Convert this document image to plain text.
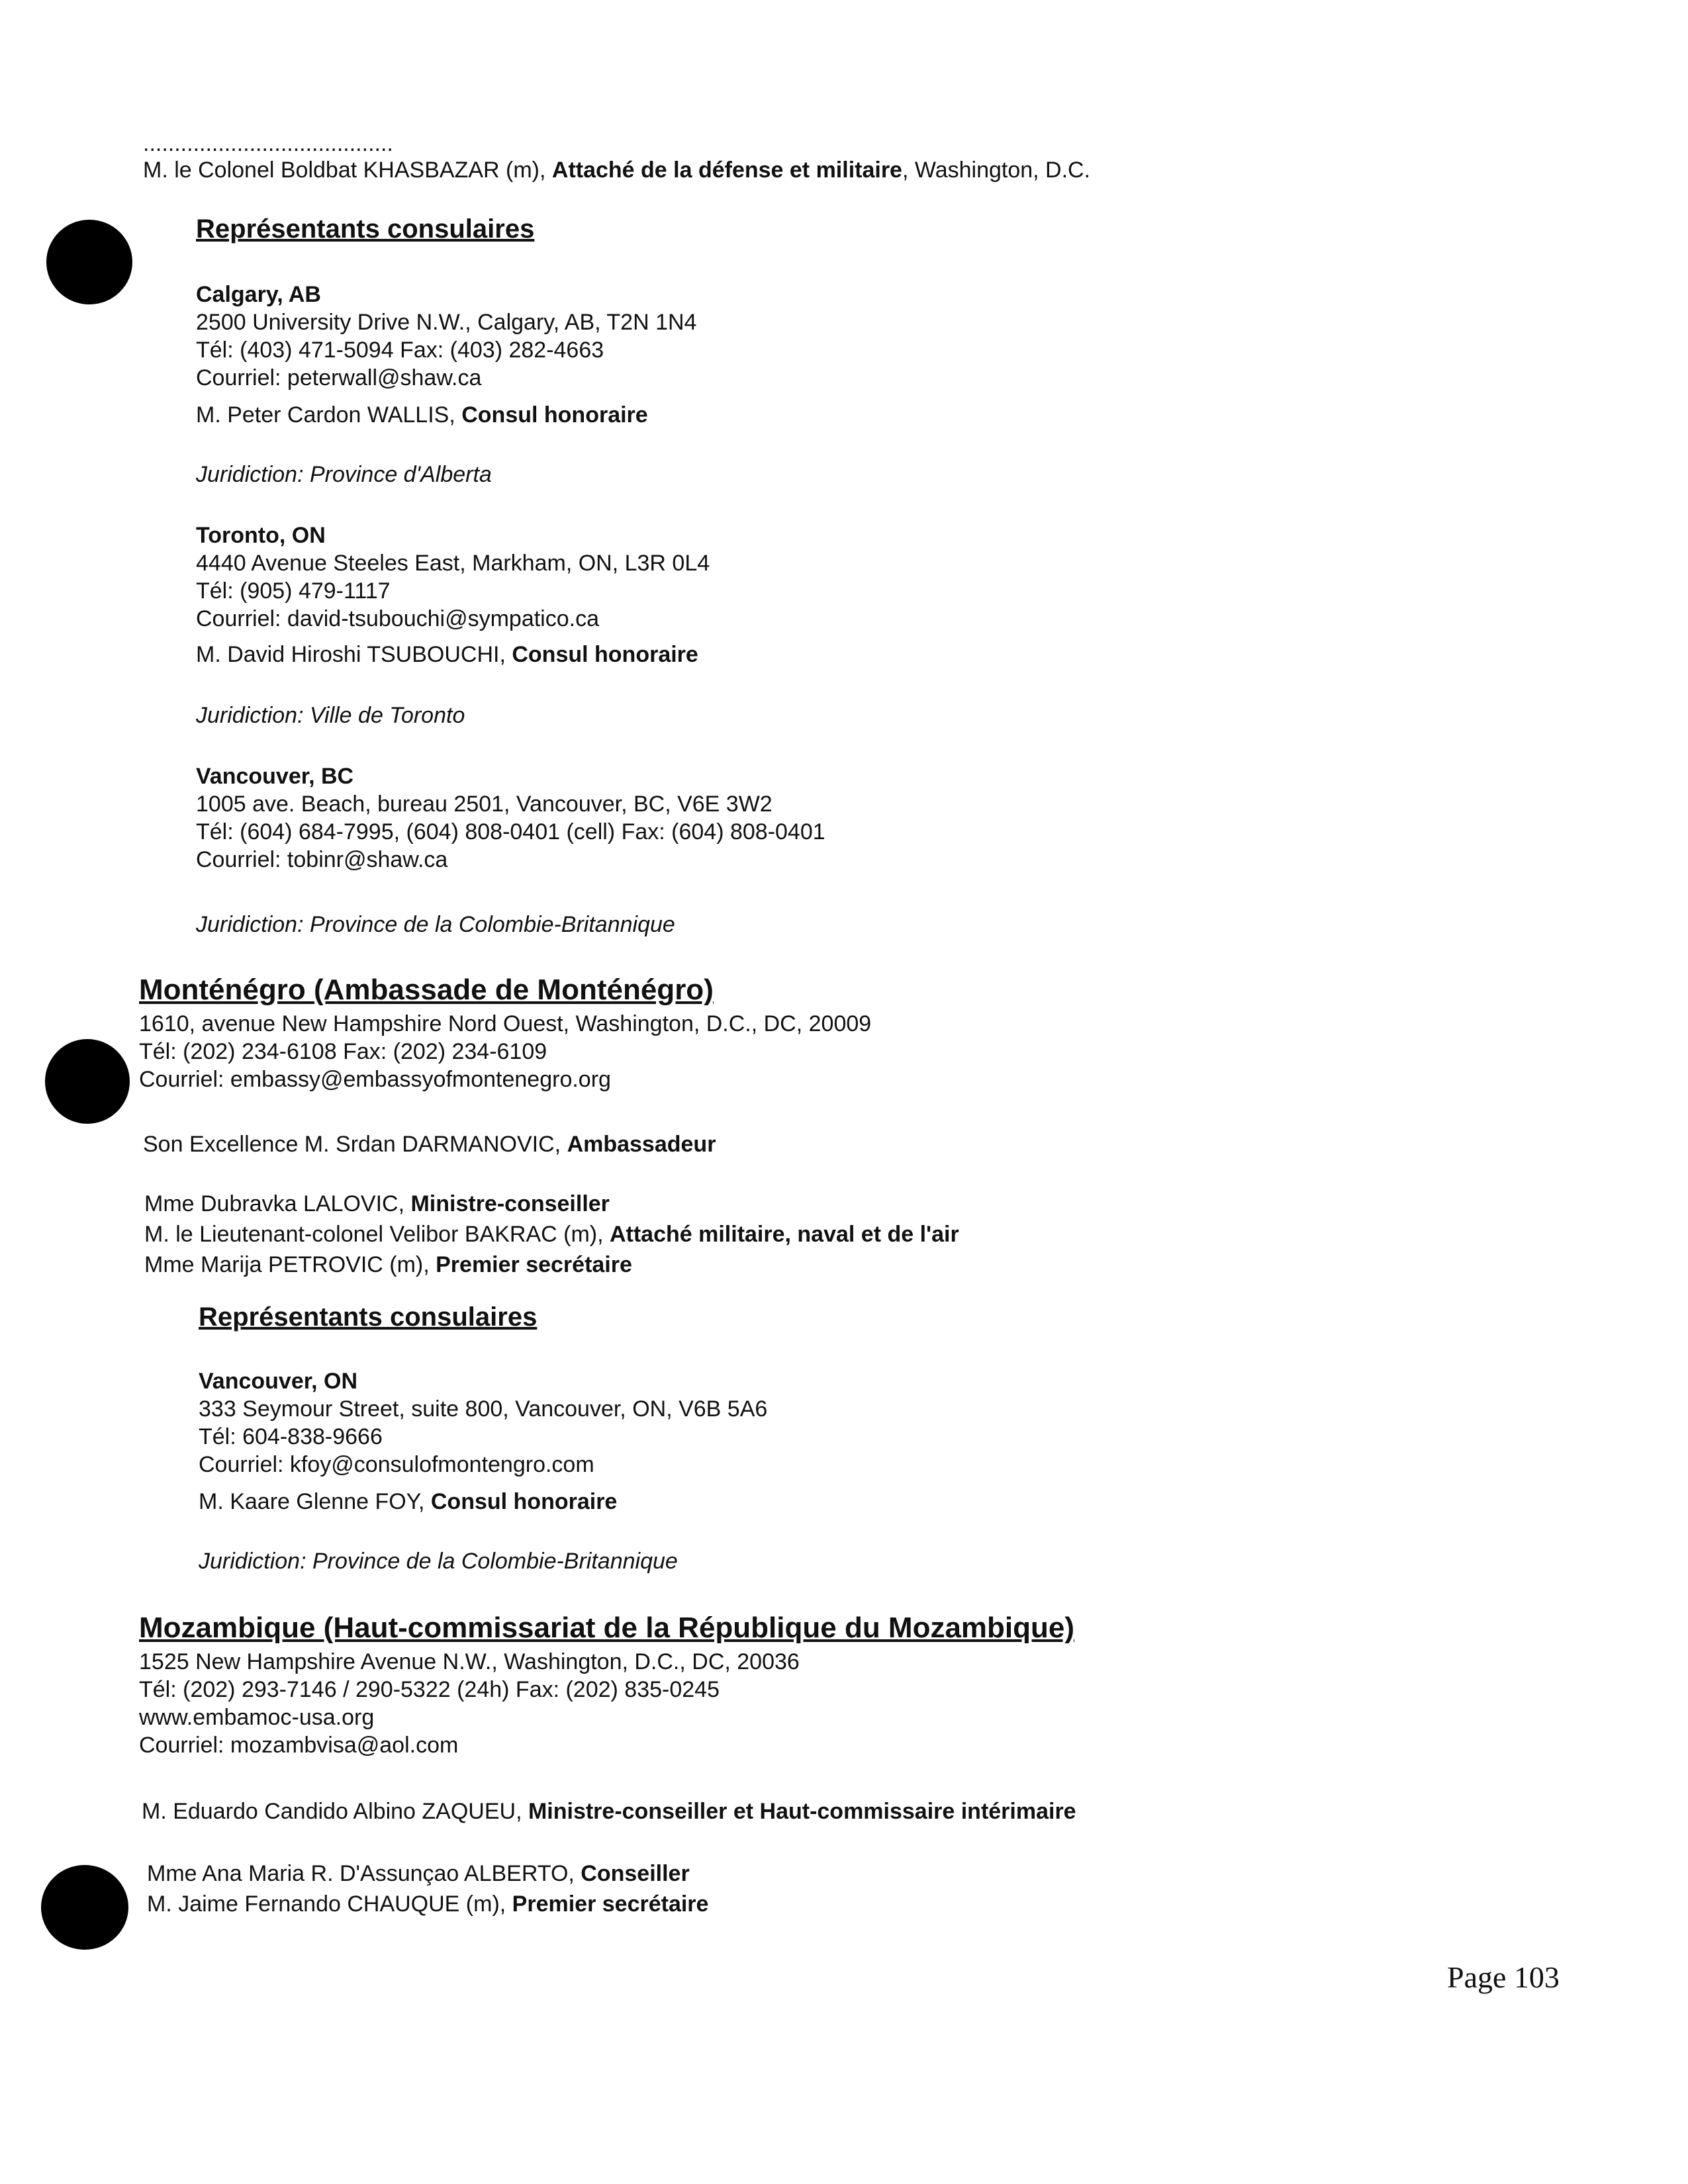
........................................
M. le Colonel Boldbat KHASBAZAR (m), Attaché de la défense et militaire, Washington, D.C.
Représentants consulaires
Calgary, AB
2500 University Drive N.W., Calgary, AB, T2N 1N4
Tél: (403) 471-5094 Fax: (403) 282-4663
Courriel: peterwall@shaw.ca
M. Peter Cardon WALLIS, Consul honoraire
Juridiction: Province d'Alberta
Toronto, ON
4440 Avenue Steeles East, Markham, ON, L3R 0L4
Tél: (905) 479-1117
Courriel: david-tsubouchi@sympatico.ca
M. David Hiroshi TSUBOUCHI, Consul honoraire
Juridiction: Ville de Toronto
Vancouver, BC
1005 ave. Beach, bureau 2501, Vancouver, BC, V6E 3W2
Tél: (604) 684-7995, (604) 808-0401 (cell) Fax: (604) 808-0401
Courriel: tobinr@shaw.ca
Juridiction: Province de la Colombie-Britannique
Monténégro (Ambassade de Monténégro)
1610, avenue New Hampshire Nord Ouest, Washington, D.C., DC, 20009
Tél: (202) 234-6108 Fax: (202) 234-6109
Courriel: embassy@embassyofmontenegro.org
Son Excellence M. Srdan DARMANOVIC, Ambassadeur
Mme Dubravka LALOVIC, Ministre-conseiller
M. le Lieutenant-colonel Velibor BAKRAC (m), Attaché militaire, naval et de l'air
Mme Marija PETROVIC (m), Premier secrétaire
Représentants consulaires
Vancouver, ON
333 Seymour Street, suite 800, Vancouver, ON, V6B 5A6
Tél: 604-838-9666
Courriel: kfoy@consulofmontengro.com
M. Kaare Glenne FOY, Consul honoraire
Juridiction: Province de la Colombie-Britannique
Mozambique (Haut-commissariat de la République du Mozambique)
1525 New Hampshire Avenue N.W., Washington, D.C., DC, 20036
Tél: (202) 293-7146 / 290-5322 (24h) Fax: (202) 835-0245
www.embamoc-usa.org
Courriel: mozambvisa@aol.com
M. Eduardo Candido Albino ZAQUEU, Ministre-conseiller et Haut-commissaire intérimaire
Mme Ana Maria R. D'Assunçao ALBERTO, Conseiller
M. Jaime Fernando CHAUQUE (m), Premier secrétaire
Page 103
